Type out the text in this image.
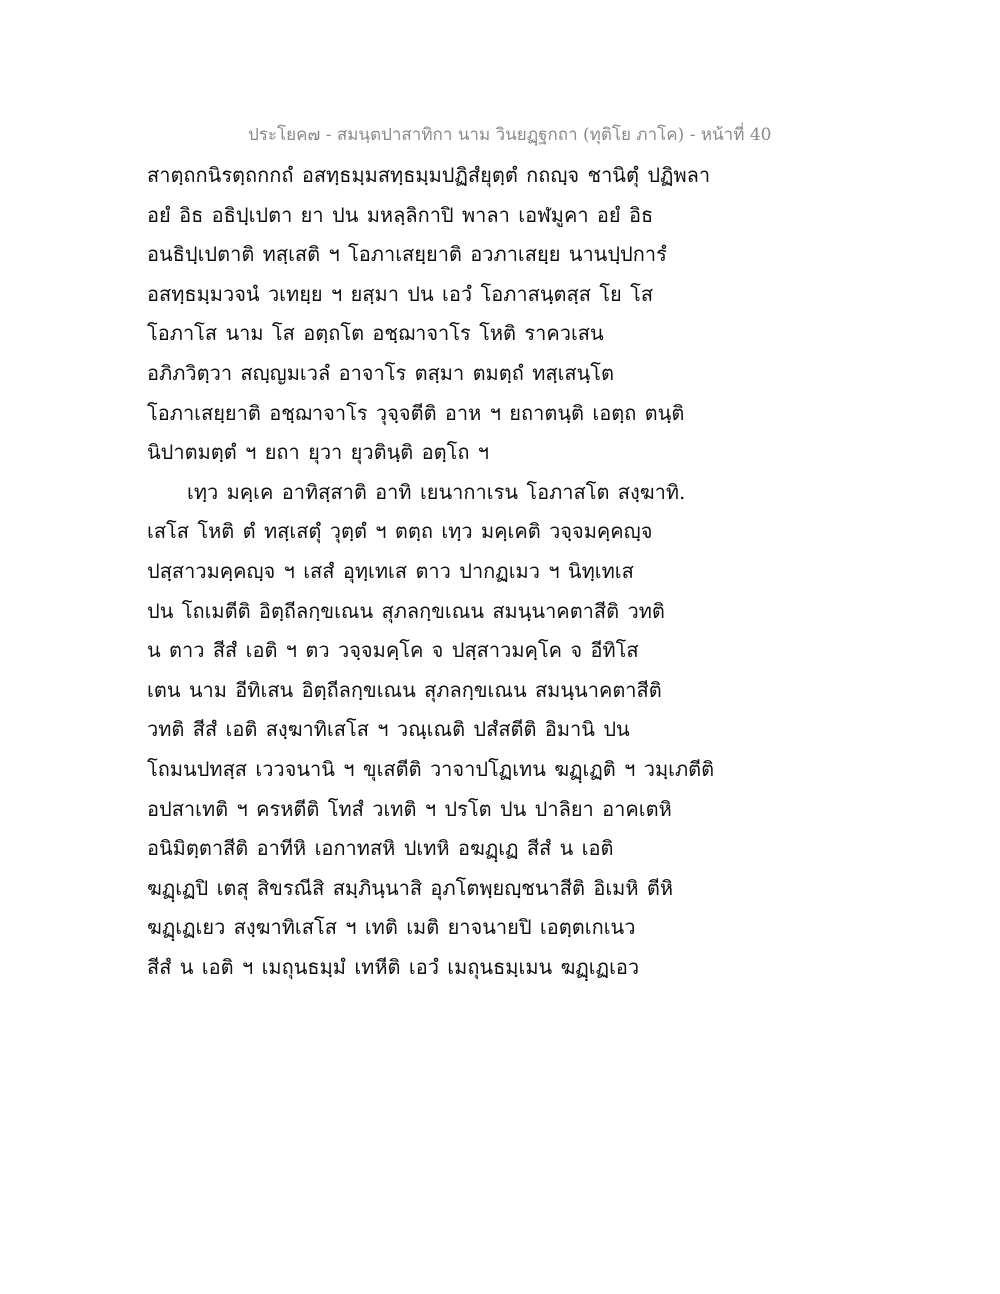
ประโยค๗ - สมนฺตปาสาทิกา นาม วินยฏฺฐกถา (ทุติโย ภาโค) - หน้าที่ 40
สาตฺถกนิรตฺถกกถํ อสทฺธมฺมสทฺธมฺมปฏิสํยุตฺตํ กถญฺจ ชานิตุํ ปฏิพลา
อยํ อิธ อธิปฺเปตา ยา ปน มหลฺลิกาปิ พาลา เอฬมูคา อยํ อิธ
อนธิปฺเปตาติ ทสฺเสติ ฯ โอภาเสยฺยาติ อวภาเสยฺย นานปฺปการํ
อสทฺธมฺมวจนํ วเทยฺย ฯ ยสฺมา ปน เอวํ โอภาสนฺตสฺส โย โส
โอภาโส นาม โส อตฺถโต อชฺฌาจาโร โหติ ราควเสน
อภิภวิตฺวา สญฺญมเวลํ อาจาโร ตสฺมา ตมตฺถํ ทสฺเสนฺโต
โอภาเสยฺยาติ อชฺฌาจาโร วุจฺจตีติ อาห ฯ ยถาตนฺติ เอตฺถ ตนฺติ
นิปาตมตฺตํ ฯ ยถา ยุวา ยุวตินฺติ อตฺโถ ฯ
เทฺว มคฺเค อาทิสฺสาติ อาทิ เยนากาเรน โอภาสโต สงฺฆาทิ.
เสโส โหติ ตํ ทสฺเสตุํ วุตฺตํ ฯ ตตฺถ เทฺว มคฺเคติ วจฺจมคฺคญฺจ
ปสฺสาวมคฺคญฺจ ฯ เสสํ อุทฺเทเส ตาว ปากฏเมว ฯ นิทฺเทเส
ปน โถเมตีติ อิตฺถีลกฺขเณน สุภลกฺขเณน สมนฺนาคตาสีติ วทติ
น ตาว สีสํ เอติ ฯ ตว วจฺจมคฺโค จ ปสฺสาวมคฺโค จ อีทิโส
เตน นาม อีทิเสน อิตฺถีลกฺขเณน สุภลกฺขเณน สมนฺนาคตาสีติ
วทติ สีสํ เอติ สงฺฆาทิเสโส ฯ วณฺเณติ ปสํสตีติ อิมานิ ปน
โถมนปทสฺส เววจนานิ ฯ ขุเสตีติ วาจาปโฏเทน ฆฏฺเฏติ ฯ วมฺเภตีติ
อปสาเทติ ฯ ครหตีติ โทสํ วเทติ ฯ ปรโต ปน ปาลิยา อาคเตหิ
อนิมิตฺตาสีติ อาทีหิ เอกาทสหิ ปเทหิ อฆฏฺเฏ สีสํ น เอติ
ฆฏฺเฏปิ เตสุ สิขรณีสิ สมฺภินฺนาสิ อุภโตพฺยญฺชนาสีติ อิเมหิ ตีหิ
ฆฏฺเฏเยว สงฺฆาทิเสโส ฯ เทติ เมติ ยาจนายปิ เอตฺตเกเนว
สีสํ น เอติ ฯ เมถุนธมฺมํ เทหีติ เอวํ เมถุนธมฺเมน ฆฏฺเฏเอว
